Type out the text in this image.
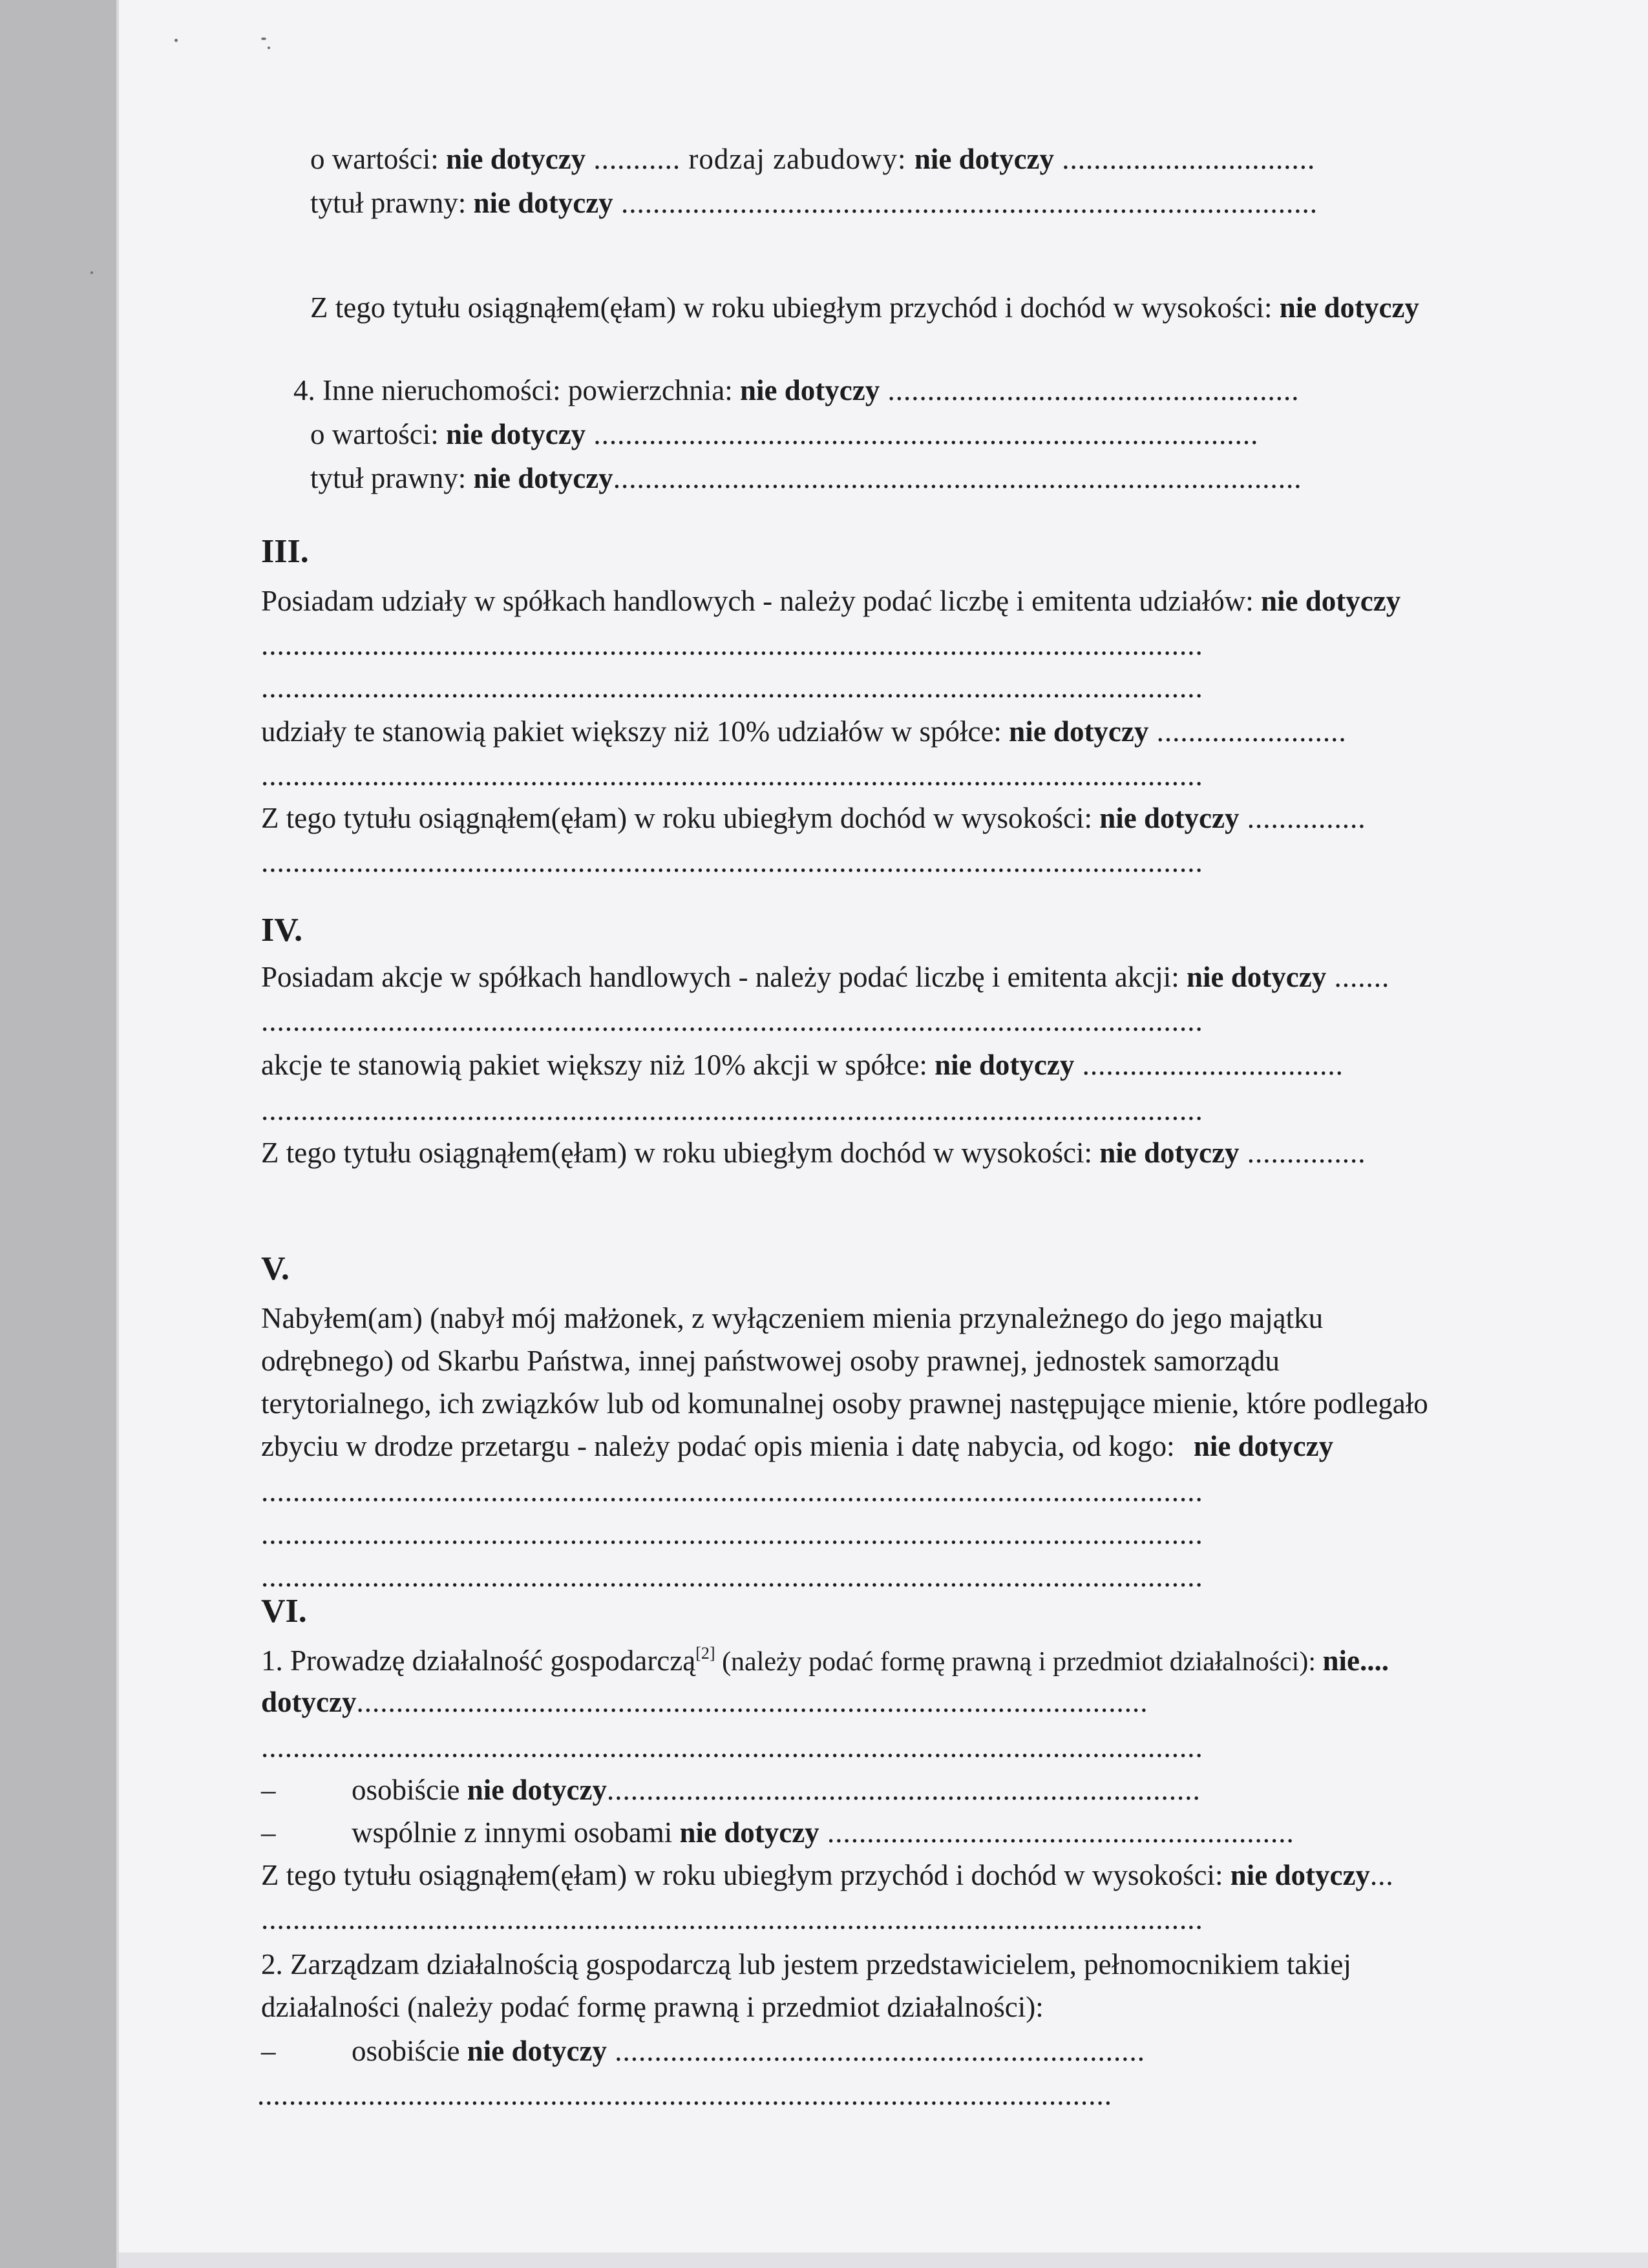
o wartości: nie dotyczy ........... rodzaj zabudowy: nie dotyczy ................................
tytuł prawny: nie dotyczy ........................................................................................
Z tego tytułu osiągnąłem(ęłam) w roku ubiegłym przychód i dochód w wysokości: nie dotyczy
4. Inne nieruchomości: powierzchnia: nie dotyczy ....................................................
o wartości: nie dotyczy ....................................................................................
tytuł prawny: nie dotyczy.......................................................................................
III.
Posiadam udziały w spółkach handlowych - należy podać liczbę i emitenta udziałów: nie dotyczy
.......................................................................................................................
.......................................................................................................................
udziały te stanowią pakiet większy niż 10% udziałów w spółce: nie dotyczy ........................
.......................................................................................................................
Z tego tytułu osiągnąłem(ęłam) w roku ubiegłym dochód w wysokości: nie dotyczy ...............
.......................................................................................................................
IV.
Posiadam akcje w spółkach handlowych - należy podać liczbę i emitenta akcji: nie dotyczy .......
.......................................................................................................................
akcje te stanowią pakiet większy niż 10% akcji w spółce: nie dotyczy .................................
.......................................................................................................................
Z tego tytułu osiągnąłem(ęłam) w roku ubiegłym dochód w wysokości: nie dotyczy ...............
V.
Nabyłem(am) (nabył mój małżonek, z wyłączeniem mienia przynależnego do jego majątku
odrębnego) od Skarbu Państwa, innej państwowej osoby prawnej, jednostek samorządu
terytorialnego, ich związków lub od komunalnej osoby prawnej następujące mienie, które podlegało
zbyciu w drodze przetargu - należy podać opis mienia i datę nabycia, od kogo: nie dotyczy
.......................................................................................................................
.......................................................................................................................
.......................................................................................................................
VI.
1. Prowadzę działalność gospodarczą[2] (należy podać formę prawną i przedmiot działalności): nie....
dotyczy....................................................................................................
.......................................................................................................................
–	osobiście nie dotyczy...........................................................................
–	wspólnie z innymi osobami nie dotyczy ...........................................................
Z tego tytułu osiągnąłem(ęłam) w roku ubiegłym przychód i dochód w wysokości: nie dotyczy...
.......................................................................................................................
2. Zarządzam działalnością gospodarczą lub jestem przedstawicielem, pełnomocnikiem takiej
działalności (należy podać formę prawną i przedmiot działalności):
–	osobiście nie dotyczy ...................................................................
............................................................................................................
